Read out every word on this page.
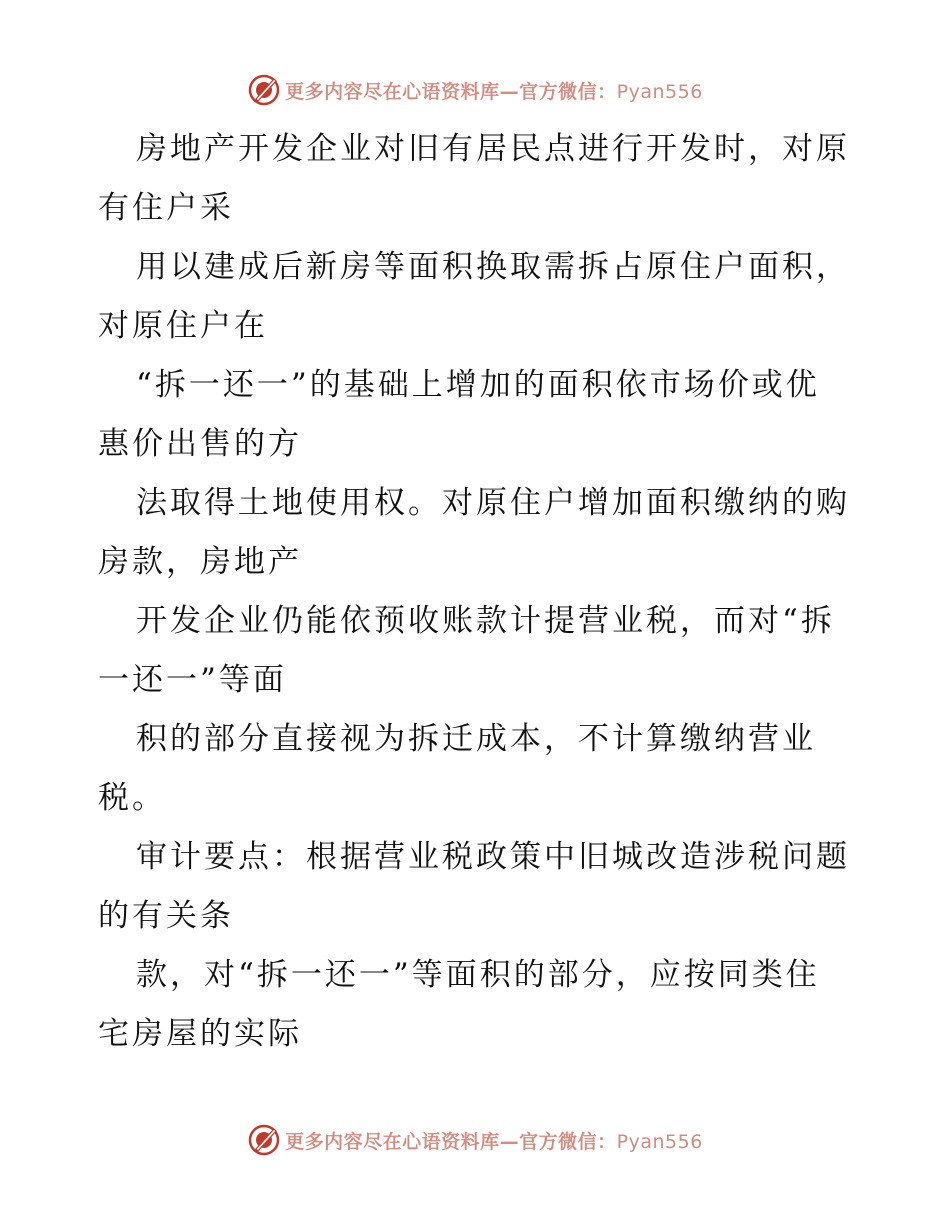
更多内容尽在心语资料库—官方微信：Pyan556
房地产开发企业对旧有居民点进行开发时，对原
有住户采
用以建成后新房等面积换取需拆占原住户面积，
对原住户在
“拆一还一”的基础上增加的面积依市场价或优
惠价出售的方
法取得土地使用权。对原住户增加面积缴纳的购
房款，房地产
开发企业仍能依预收账款计提营业税，而对“拆
一还一”等面
积的部分直接视为拆迁成本，不计算缴纳营业
税。
审计要点：根据营业税政策中旧城改造涉税问题
的有关条
款，对“拆一还一”等面积的部分，应按同类住
宅房屋的实际
更多内容尽在心语资料库—官方微信：Pyan556
